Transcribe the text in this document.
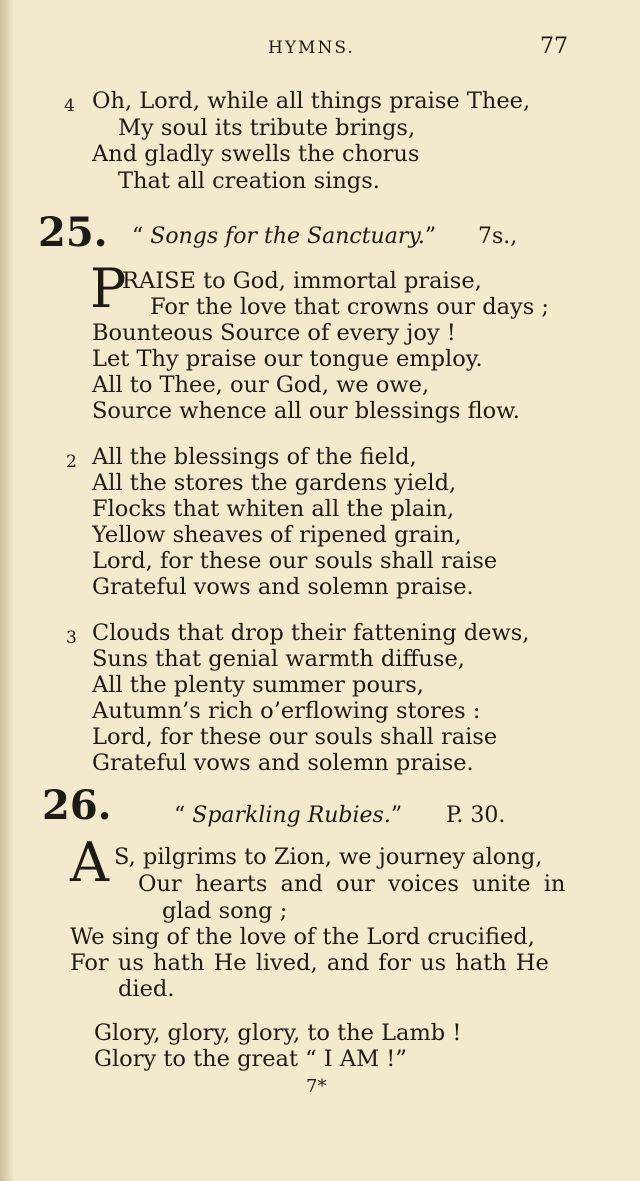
HYMNS.	77
4 Oh, Lord, while all things praise Thee,
My soul its tribute brings,
And gladly swells the chorus
That all creation sings.
25. “ Songs for the Sanctuary.” 7s.,
P
RAISE to God, immortal praise,
For the love that crowns our days ;
Bounteous Source of every joy !
Let Thy praise our tongue employ.
All to Thee, our God, we owe,
Source whence all our blessings flow.
2 All the blessings of the field,
All the stores the gardens yield,
Flocks that whiten all the plain,
Yellow sheaves of ripened grain,
Lord, for these our souls shall raise
Grateful vows and solemn praise.
3 Clouds that drop their fattening dews,
Suns that genial warmth diffuse,
All the plenty summer pours,
Autumn’s rich o’erflowing stores :
Lord, for these our souls shall raise
Grateful vows and solemn praise.
26.	“ Sparkling Rubies.” P. 30.
A S, pilgrims to Zion, we journey along,
Our hearts and our voices unite in
glad song ;
We sing of the love of the Lord crucified,
For us hath He lived, and for us hath He
died.
Glory, glory, glory, to the Lamb !
Glory to the great “ I AM !”
7*
